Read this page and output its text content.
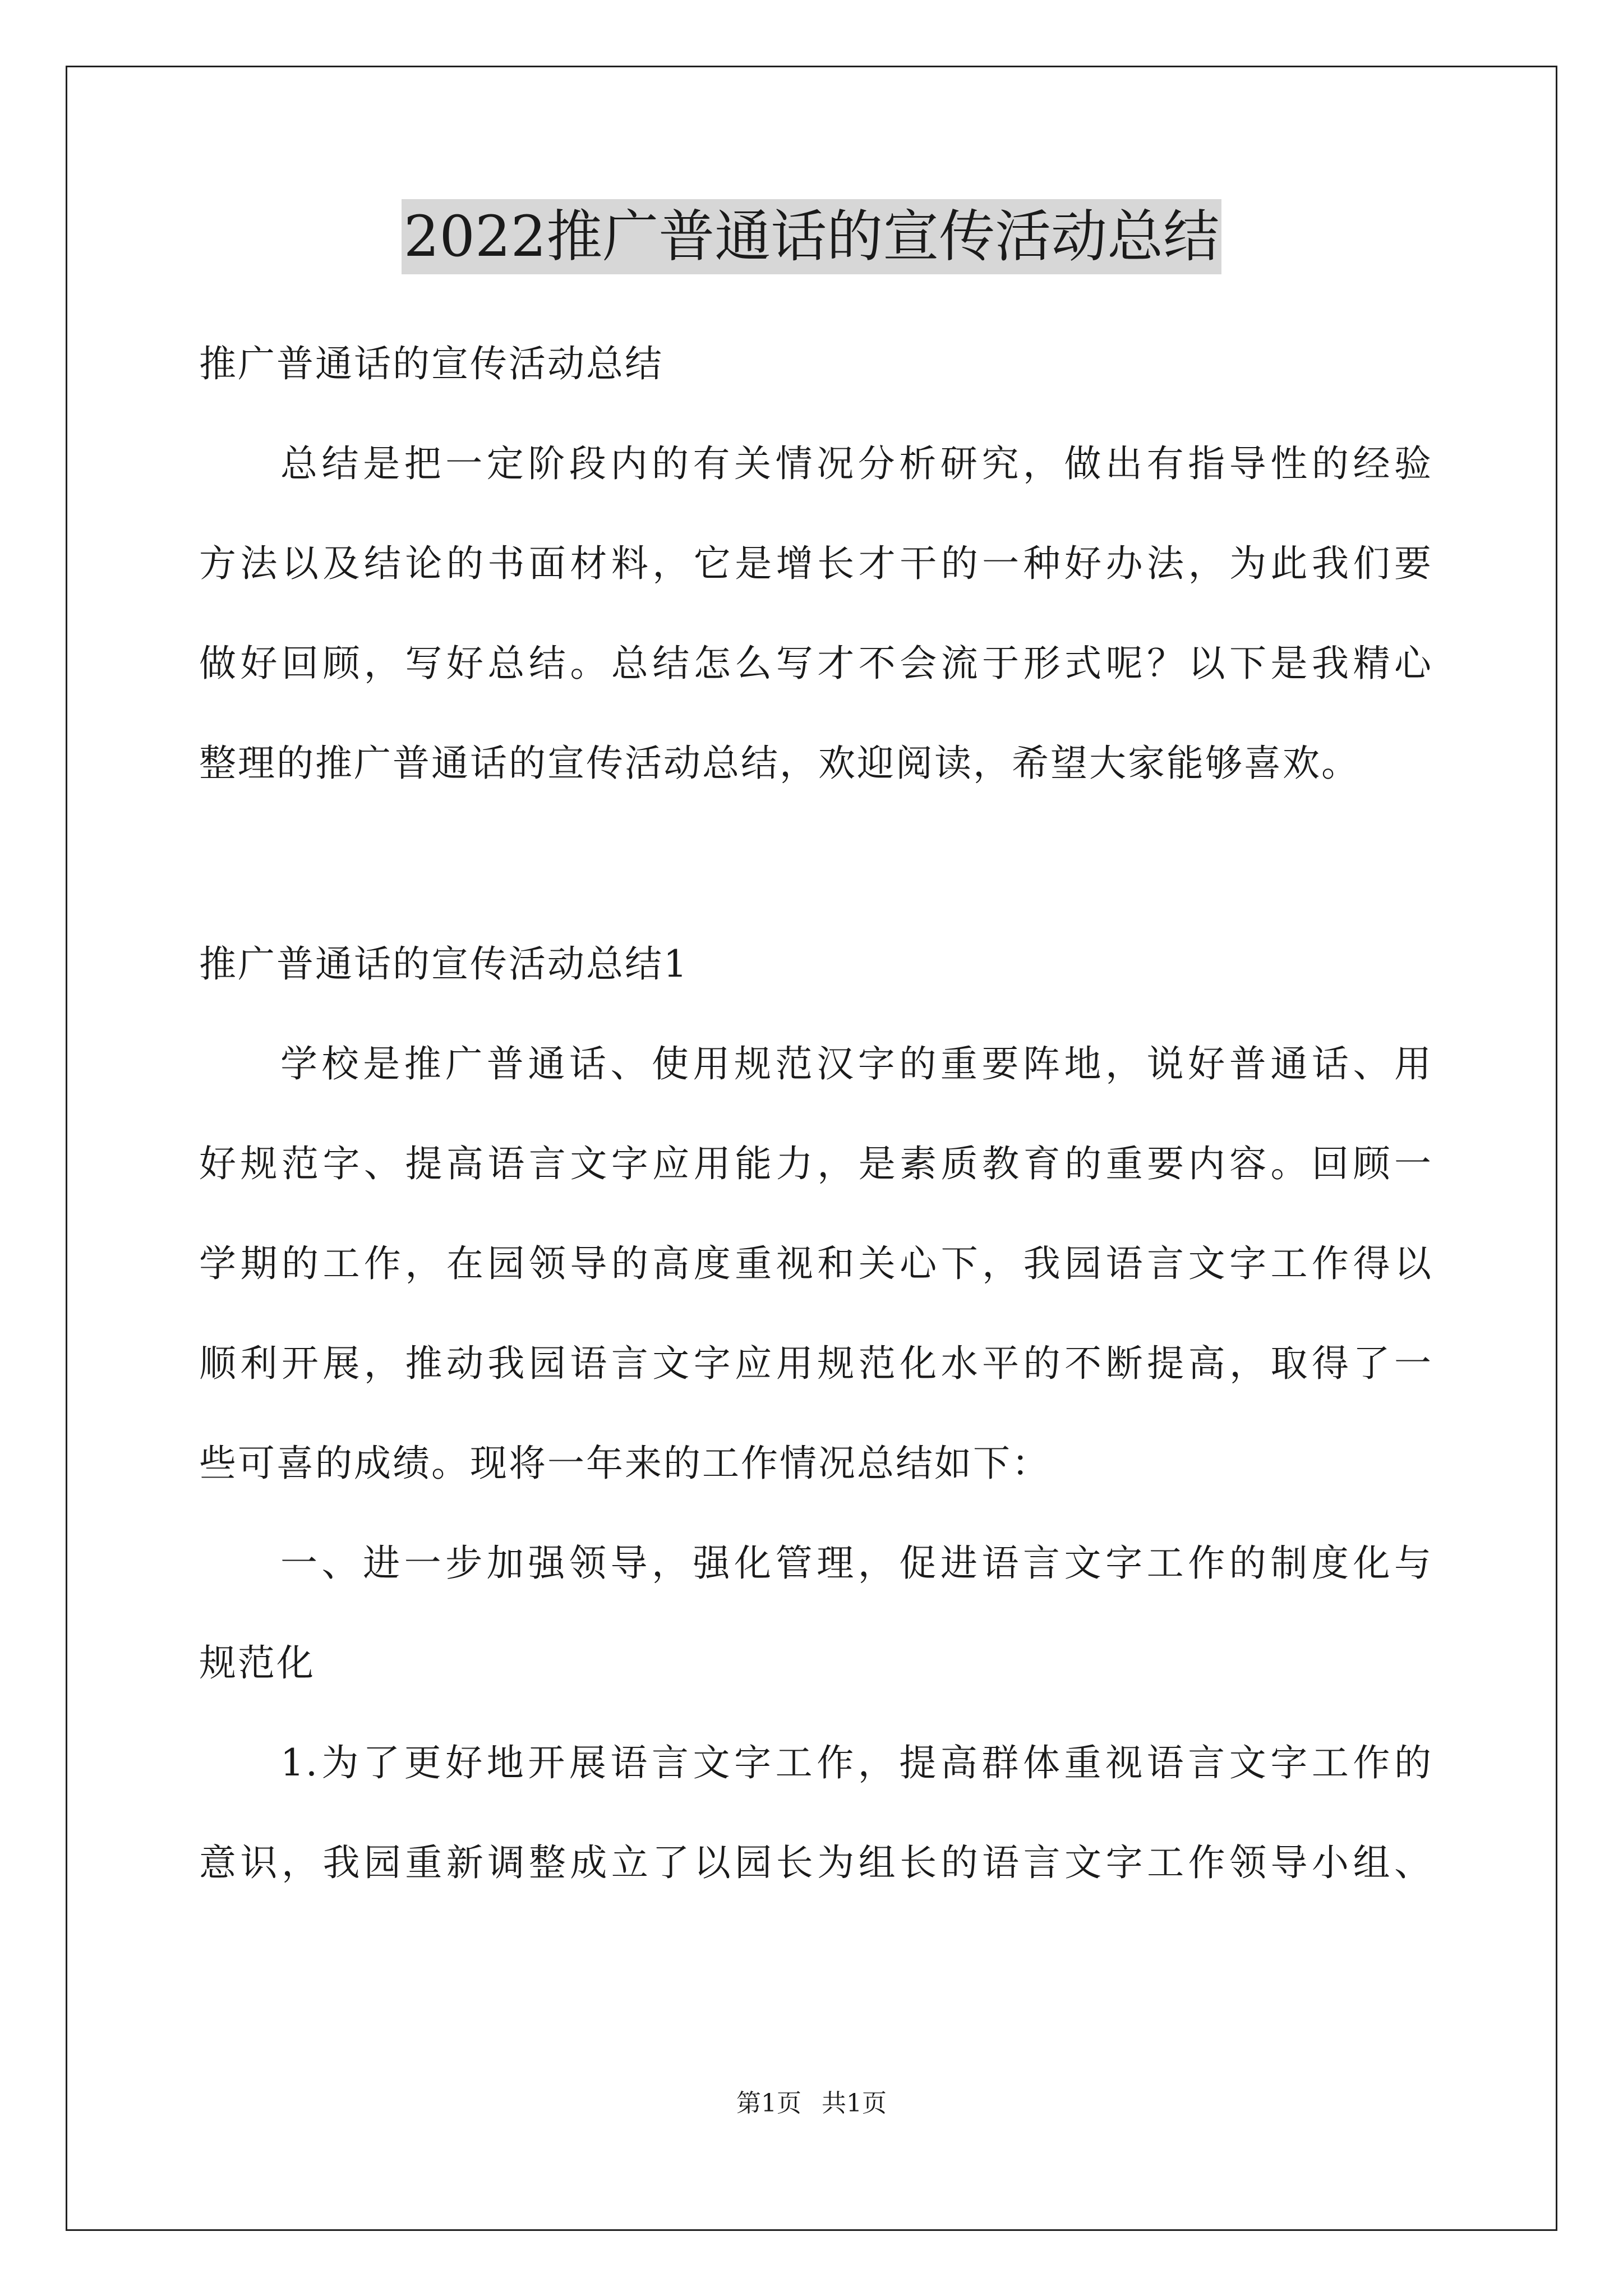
2022推广普通话的宣传活动总结
推广普通话的宣传活动总结
总结是把一定阶段内的有关情况分析研究，做出有指导性的经验
方法以及结论的书面材料，它是增长才干的一种好办法，为此我们要
做好回顾，写好总结。总结怎么写才不会流于形式呢？以下是我精心
整理的推广普通话的宣传活动总结，欢迎阅读，希望大家能够喜欢。
推广普通话的宣传活动总结1
学校是推广普通话、使用规范汉字的重要阵地，说好普通话、用
好规范字、提高语言文字应用能力，是素质教育的重要内容。回顾一
学期的工作，在园领导的高度重视和关心下，我园语言文字工作得以
顺利开展，推动我园语言文字应用规范化水平的不断提高，取得了一
些可喜的成绩。现将一年来的工作情况总结如下：
一、进一步加强领导，强化管理，促进语言文字工作的制度化与
规范化
1.为了更好地开展语言文字工作，提高群体重视语言文字工作的
意识，我园重新调整成立了以园长为组长的语言文字工作领导小组、
第1页 共1页
